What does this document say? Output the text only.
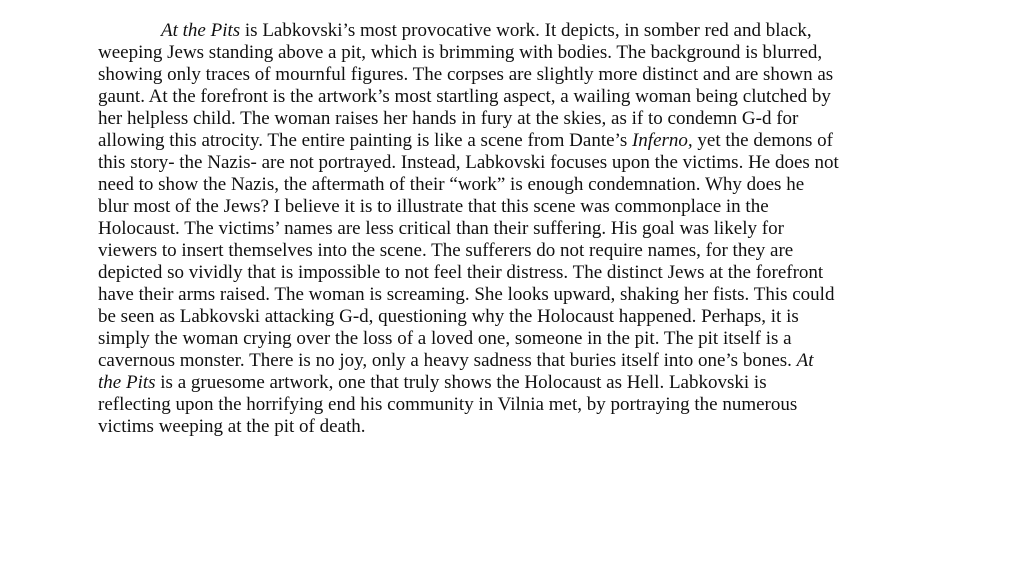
At the Pits is Labkovski’s most provocative work. It depicts, in somber red and black,
weeping Jews standing above a pit, which is brimming with bodies. The background is blurred,
showing only traces of mournful figures. The corpses are slightly more distinct and are shown as
gaunt. At the forefront is the artwork’s most startling aspect, a wailing woman being clutched by
her helpless child. The woman raises her hands in fury at the skies, as if to condemn G-d for
allowing this atrocity. The entire painting is like a scene from Dante’s Inferno, yet the demons of
this story- the Nazis- are not portrayed. Instead, Labkovski focuses upon the victims. He does not
need to show the Nazis, the aftermath of their “work” is enough condemnation. Why does he
blur most of the Jews? I believe it is to illustrate that this scene was commonplace in the
Holocaust. The victims’ names are less critical than their suffering. His goal was likely for
viewers to insert themselves into the scene. The sufferers do not require names, for they are
depicted so vividly that is impossible to not feel their distress. The distinct Jews at the forefront
have their arms raised. The woman is screaming. She looks upward, shaking her fists. This could
be seen as Labkovski attacking G-d, questioning why the Holocaust happened. Perhaps, it is
simply the woman crying over the loss of a loved one, someone in the pit. The pit itself is a
cavernous monster. There is no joy, only a heavy sadness that buries itself into one’s bones. At
the Pits is a gruesome artwork, one that truly shows the Holocaust as Hell. Labkovski is
reflecting upon the horrifying end his community in Vilnia met, by portraying the numerous
victims weeping at the pit of death.
